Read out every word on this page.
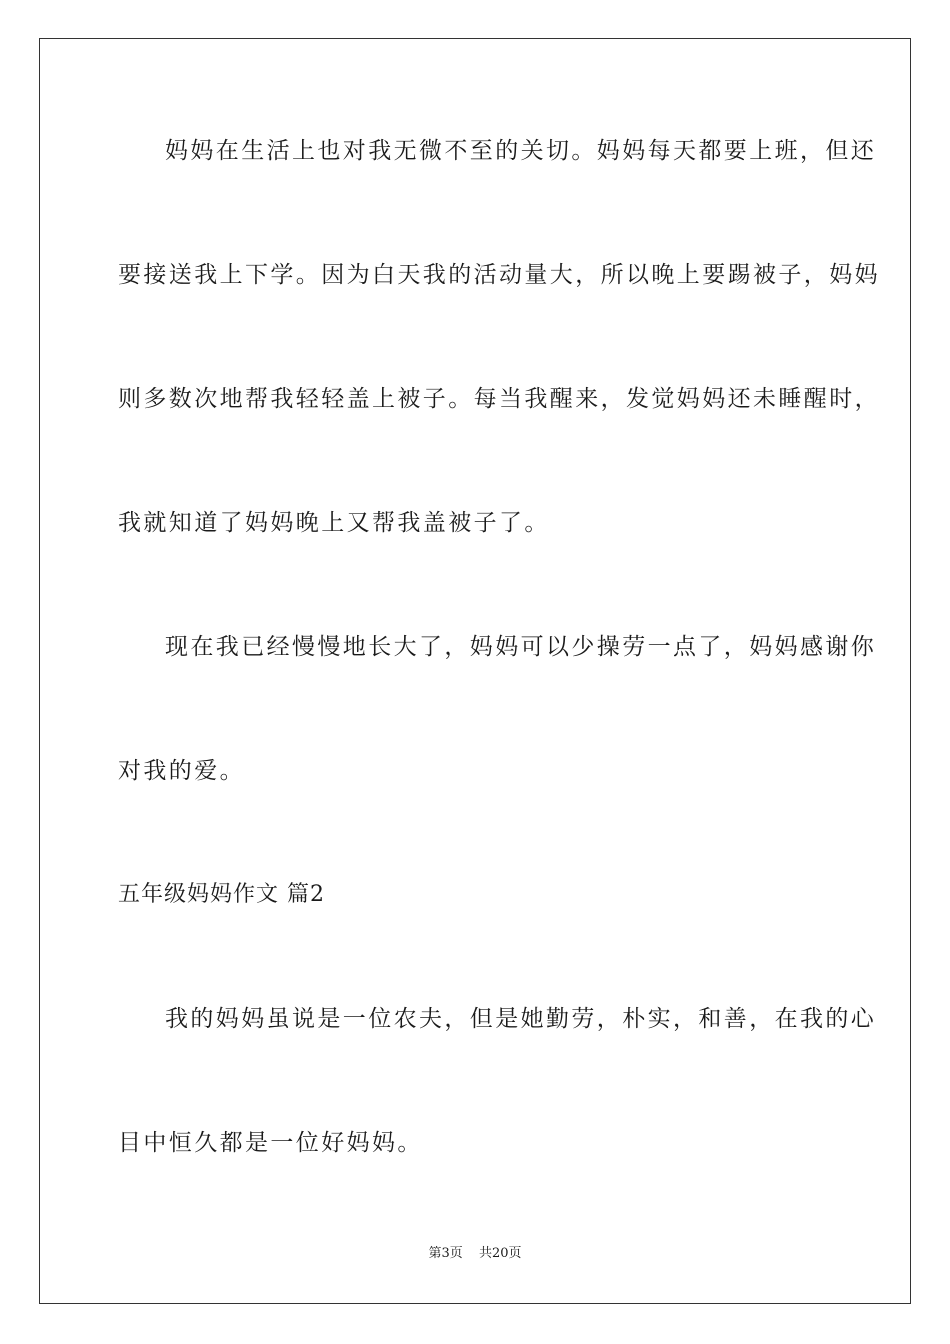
妈妈在生活上也对我无微不至的关切。妈妈每天都要上班，但还
要接送我上下学。因为白天我的活动量大，所以晚上要踢被子，妈妈
则多数次地帮我轻轻盖上被子。每当我醒来，发觉妈妈还未睡醒时，
我就知道了妈妈晚上又帮我盖被子了。
现在我已经慢慢地长大了，妈妈可以少操劳一点了，妈妈感谢你
对我的爱。
五年级妈妈作文 篇2
我的妈妈虽说是一位农夫，但是她勤劳，朴实，和善，在我的心
目中恒久都是一位好妈妈。
第3页 共20页
